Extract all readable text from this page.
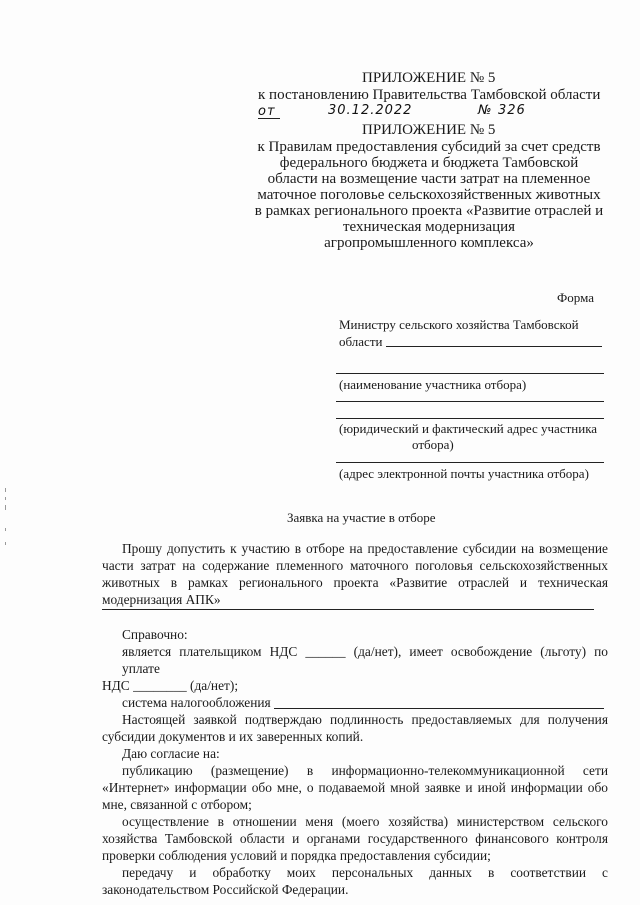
ПРИЛОЖЕНИЕ № 5
к постановлению Правительства Тамбовской области
от	30.12.2022	№ 326
ПРИЛОЖЕНИЕ № 5
к Правилам предоставления субсидий за счет средств
федерального бюджета и бюджета Тамбовской
области на возмещение части затрат на племенное
маточное поголовье сельскохозяйственных животных
в рамках регионального проекта «Развитие отраслей и
техническая модернизация
агропромышленного комплекса»
Форма
Министру сельского хозяйства Тамбовской
области
(наименование участника отбора)
(юридический и фактический адрес участника
отбора)
(адрес электронной почты участника отбора)
Заявка на участие в отборе
Прошу допустить к участию в отборе на предоставление субсидии на возмещение
части затрат на содержание племенного маточного поголовья сельскохозяйственных
животных в рамках регионального проекта «Развитие отраслей и техническая
модернизация АПК»
Справочно:
является плательщиком НДС ______ (да/нет), имеет освобождение (льготу) по уплате
НДС ________ (да/нет);
система налогообложения
Настоящей заявкой подтверждаю подлинность предоставляемых для получения
субсидии документов и их заверенных копий.
Даю согласие на:
публикацию (размещение) в информационно-телекоммуникационной сети
«Интернет» информации обо мне, о подаваемой мной заявке и иной информации обо
мне, связанной с отбором;
осуществление в отношении меня (моего хозяйства) министерством сельского
хозяйства Тамбовской области и органами государственного финансового контроля
проверки соблюдения условий и порядка предоставления субсидии;
передачу и обработку моих персональных данных в соответствии с
законодательством Российской Федерации.
